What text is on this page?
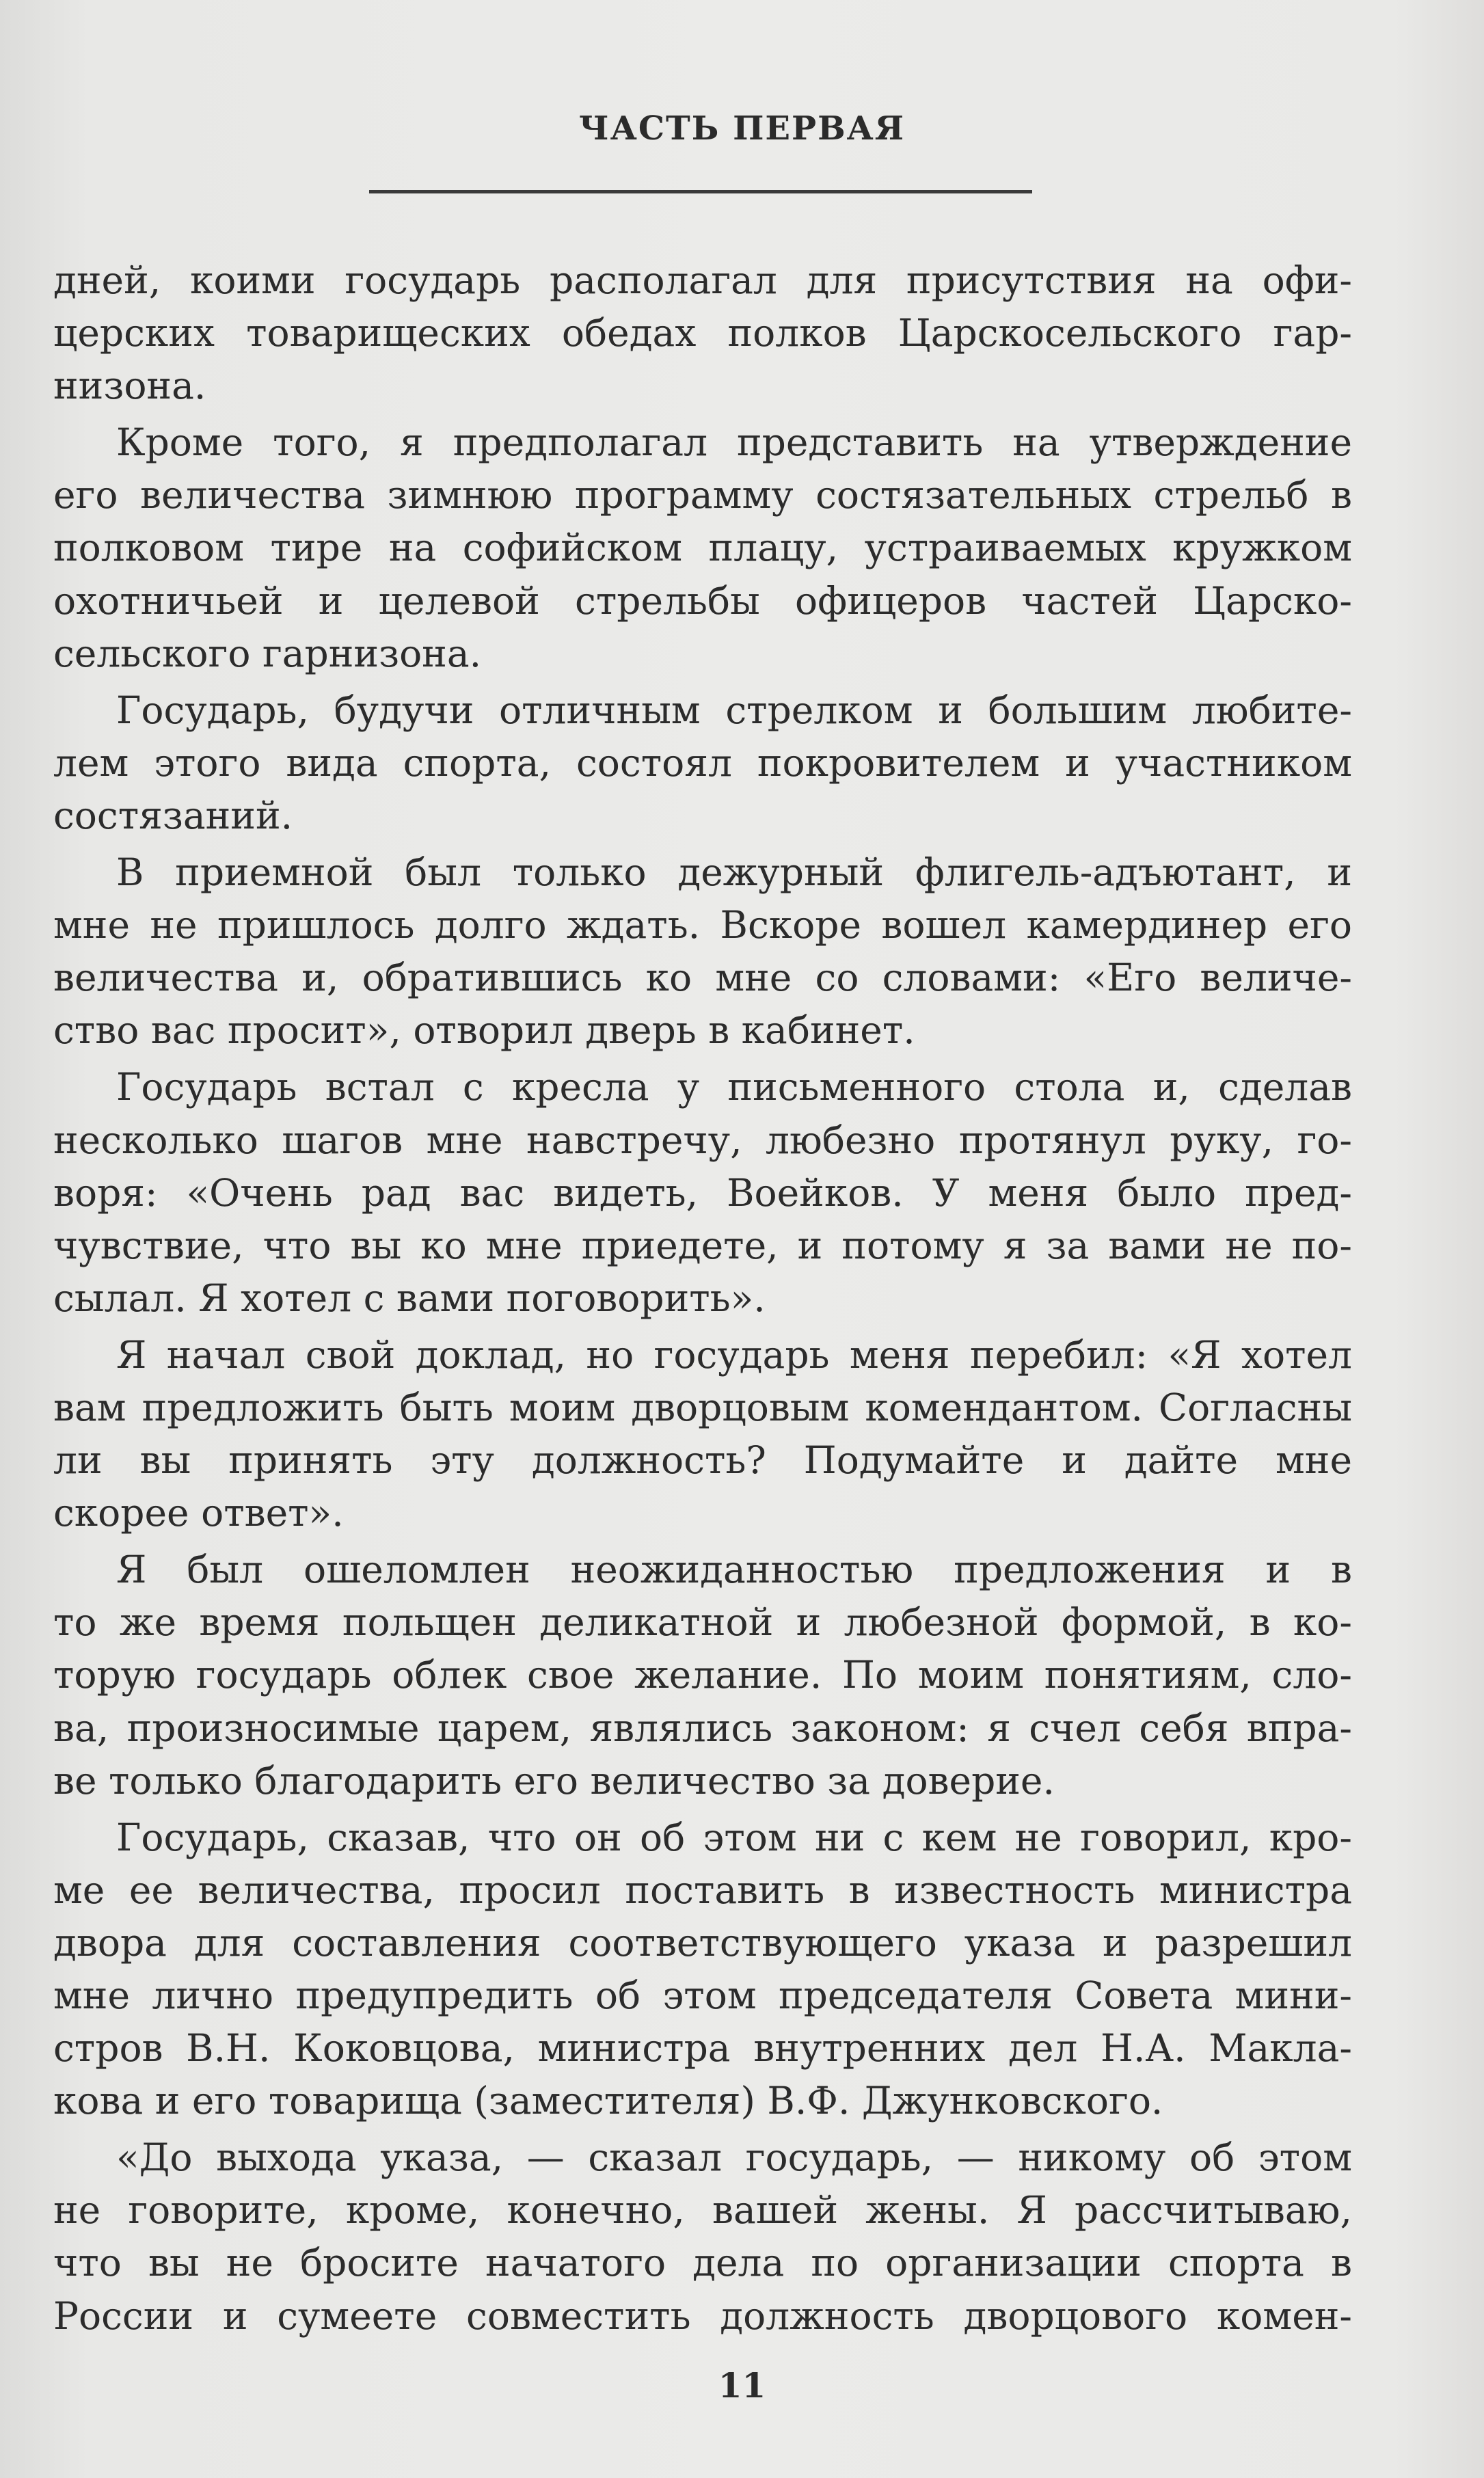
ЧАСТЬ ПЕРВАЯ
дней, коими государь располагал для присутствия на офи-
церских товарищеских обедах полков Царскосельского гар-
низона.
Кроме того, я предполагал представить на утверждение
его величества зимнюю программу состязательных стрельб в
полковом тире на софийском плацу, устраиваемых кружком
охотничьей и целевой стрельбы офицеров частей Царско-
сельского гарнизона.
Государь, будучи отличным стрелком и большим любите-
лем этого вида спорта, состоял покровителем и участником
состязаний.
В приемной был только дежурный флигель-адъютант, и
мне не пришлось долго ждать. Вскоре вошел камердинер его
величества и, обратившись ко мне со словами: «Его величе-
ство вас просит», отворил дверь в кабинет.
Государь встал с кресла у письменного стола и, сделав
несколько шагов мне навстречу, любезно протянул руку, го-
воря: «Очень рад вас видеть, Воейков. У меня было пред-
чувствие, что вы ко мне приедете, и потому я за вами не по-
сылал. Я хотел с вами поговорить».
Я начал свой доклад, но государь меня перебил: «Я хотел
вам предложить быть моим дворцовым комендантом. Согласны
ли вы принять эту должность? Подумайте и дайте мне
скорее ответ».
Я был ошеломлен неожиданностью предложения и в
то же время польщен деликатной и любезной формой, в ко-
торую государь облек свое желание. По моим понятиям, сло-
ва, произносимые царем, являлись законом: я счел себя впра-
ве только благодарить его величество за доверие.
Государь, сказав, что он об этом ни с кем не говорил, кро-
ме ее величества, просил поставить в известность министра
двора для составления соответствующего указа и разрешил
мне лично предупредить об этом председателя Совета мини-
стров В.Н. Коковцова, министра внутренних дел Н.А. Макла-
кова и его товарища (заместителя) В.Ф. Джунковского.
«До выхода указа, — сказал государь, — никому об этом
не говорите, кроме, конечно, вашей жены. Я рассчитываю,
что вы не бросите начатого дела по организации спорта в
России и сумеете совместить должность дворцового комен-
11
